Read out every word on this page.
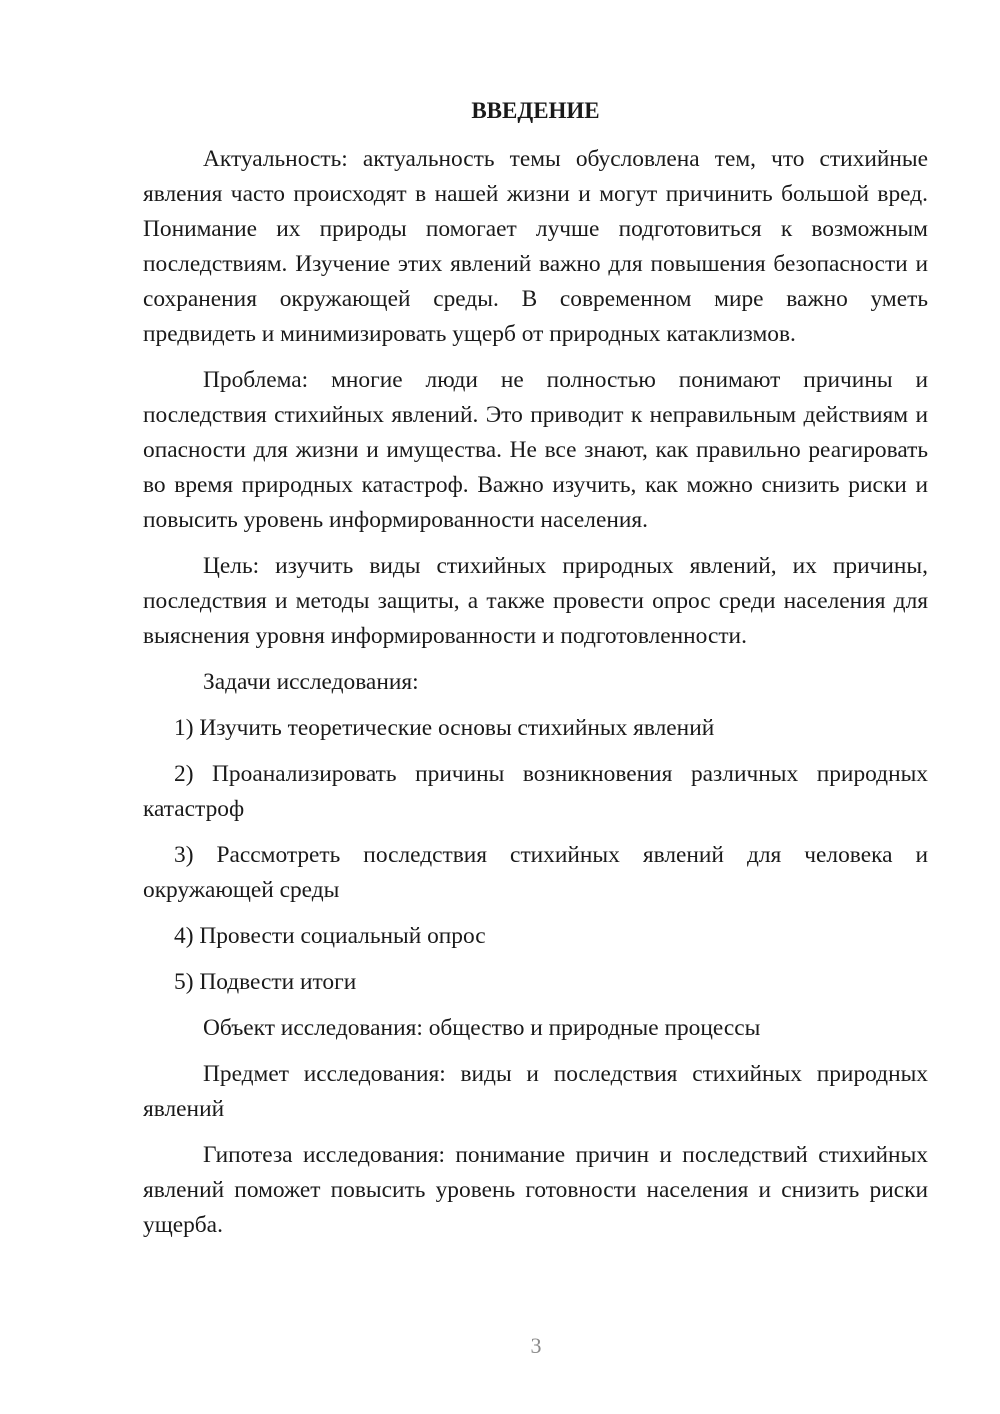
ВВЕДЕНИЕ

Актуальность: актуальность темы обусловлена тем, что стихийные явления часто происходят в нашей жизни и могут причинить большой вред. Понимание их природы помогает лучше подготовиться к возможным последствиям. Изучение этих явлений важно для повышения безопасности и сохранения окружающей среды. В современном мире важно уметь предвидеть и минимизировать ущерб от природных катаклизмов.

Проблема: многие люди не полностью понимают причины и последствия стихийных явлений. Это приводит к неправильным действиям и опасности для жизни и имущества. Не все знают, как правильно реагировать во время природных катастроф. Важно изучить, как можно снизить риски и повысить уровень информированности населения.

Цель: изучить виды стихийных природных явлений, их причины, последствия и методы защиты, а также провести опрос среди населения для выяснения уровня информированности и подготовленности.

Задачи исследования:

1) Изучить теоретические основы стихийных явлений

2) Проанализировать причины возникновения различных природных катастроф

3) Рассмотреть последствия стихийных явлений для человека и окружающей среды

4) Провести социальный опрос

5) Подвести итоги

Объект исследования: общество и природные процессы

Предмет исследования: виды и последствия стихийных природных явлений

Гипотеза исследования: понимание причин и последствий стихийных явлений поможет повысить уровень готовности населения и снизить риски ущерба.

3
